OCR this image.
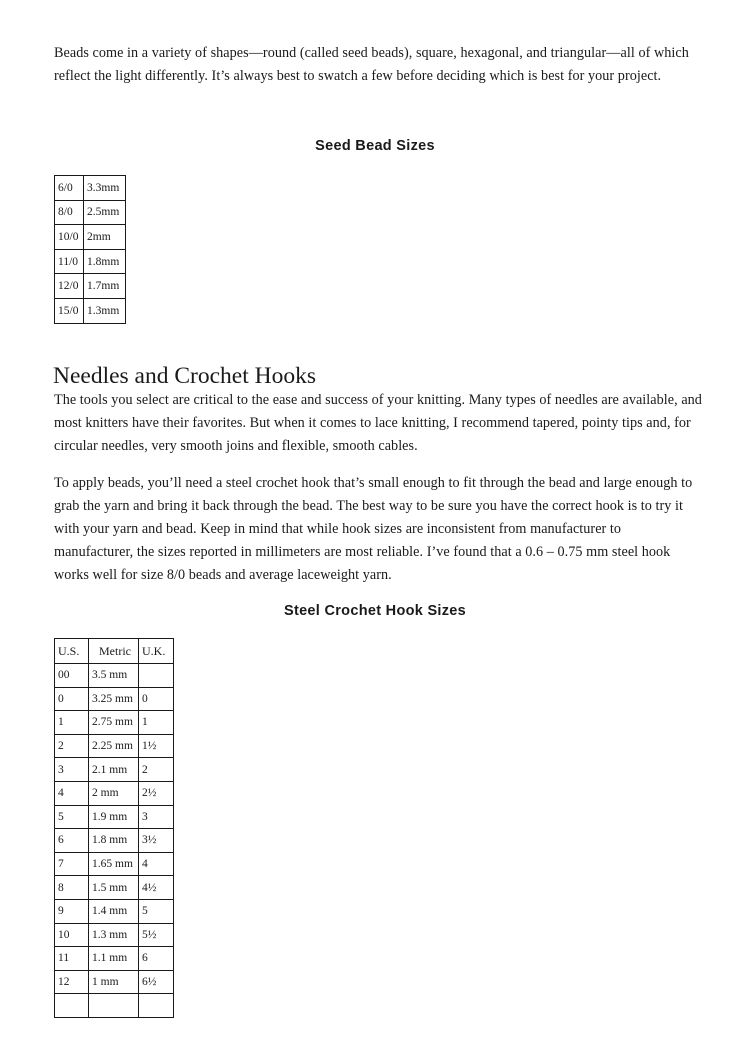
Beads come in a variety of shapes—round (called seed beads), square, hexagonal, and triangular—all of which reflect the light differently. It’s always best to swatch a few before deciding which is best for your project.

Seed Bead Sizes
6/0	3.3mm
8/0	2.5mm
10/0	2mm
11/0	1.8mm
12/0	1.7mm
15/0	1.3mm
Needles and Crochet Hooks

The tools you select are critical to the ease and success of your knitting. Many types of needles are available, and most knitters have their favorites. But when it comes to lace knitting, I recommend tapered, pointy tips and, for circular needles, very smooth joins and flexible, smooth cables.

To apply beads, you’ll need a steel crochet hook that’s small enough to fit through the bead and large enough to grab the yarn and bring it back through the bead. The best way to be sure you have the correct hook is to try it with your yarn and bead. Keep in mind that while hook sizes are inconsistent from manufacturer to manufacturer, the sizes reported in millimeters are most reliable. I’ve found that a 0.6 – 0.75 mm steel hook works well for size 8/0 beads and average laceweight yarn.

Steel Crochet Hook Sizes
U.S.	Metric	U.K.
00	3.5 mm	
0	3.25 mm	0
1	2.75 mm	1
2	2.25 mm	1½
3	2.1 mm	2
4	2 mm	2½
5	1.9 mm	3
6	1.8 mm	3½
7	1.65 mm	4
8	1.5 mm	4½
9	1.4 mm	5
10	1.3 mm	5½
11	1.1 mm	6
12	1 mm	6½
